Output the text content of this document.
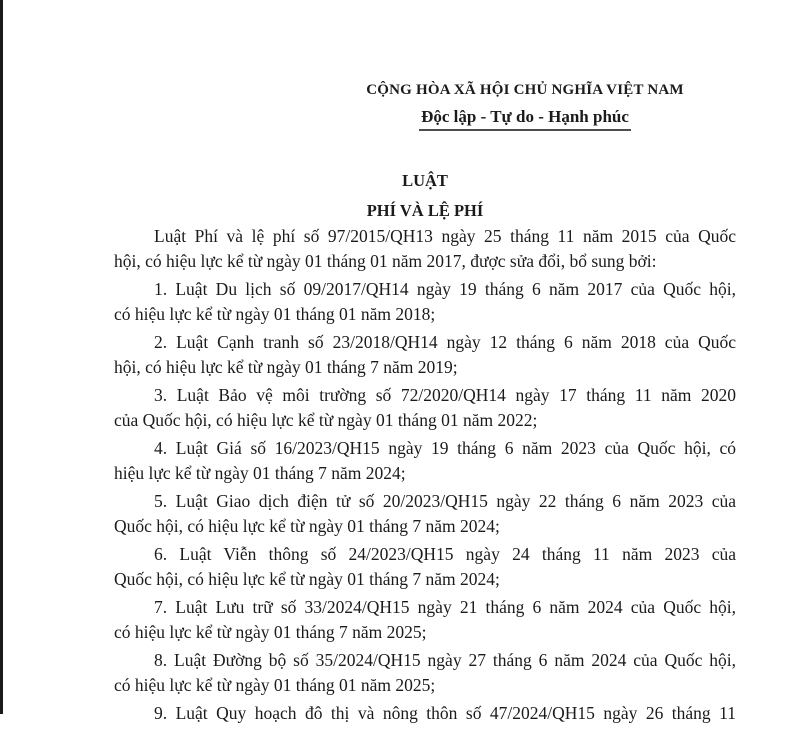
CỘNG HÒA XÃ HỘI CHỦ NGHĨA VIỆT NAM
Độc lập - Tự do - Hạnh phúc
LUẬT
PHÍ VÀ LỆ PHÍ
Luật Phí và lệ phí số 97/2015/QH13 ngày 25 tháng 11 năm 2015 của Quốc
hội, có hiệu lực kể từ ngày 01 tháng 01 năm 2017, được sửa đổi, bổ sung bởi:
1. Luật Du lịch số 09/2017/QH14 ngày 19 tháng 6 năm 2017 của Quốc hội,
có hiệu lực kể từ ngày 01 tháng 01 năm 2018;
2. Luật Cạnh tranh số 23/2018/QH14 ngày 12 tháng 6 năm 2018 của Quốc
hội, có hiệu lực kể từ ngày 01 tháng 7 năm 2019;
3. Luật Bảo vệ môi trường số 72/2020/QH14 ngày 17 tháng 11 năm 2020
của Quốc hội, có hiệu lực kể từ ngày 01 tháng 01 năm 2022;
4. Luật Giá số 16/2023/QH15 ngày 19 tháng 6 năm 2023 của Quốc hội, có
hiệu lực kể từ ngày 01 tháng 7 năm 2024;
5. Luật Giao dịch điện tử số 20/2023/QH15 ngày 22 tháng 6 năm 2023 của
Quốc hội, có hiệu lực kể từ ngày 01 tháng 7 năm 2024;
6. Luật Viễn thông số 24/2023/QH15 ngày 24 tháng 11 năm 2023 của
Quốc hội, có hiệu lực kể từ ngày 01 tháng 7 năm 2024;
7. Luật Lưu trữ số 33/2024/QH15 ngày 21 tháng 6 năm 2024 của Quốc hội,
có hiệu lực kể từ ngày 01 tháng 7 năm 2025;
8. Luật Đường bộ số 35/2024/QH15 ngày 27 tháng 6 năm 2024 của Quốc hội,
có hiệu lực kể từ ngày 01 tháng 01 năm 2025;
9. Luật Quy hoạch đô thị và nông thôn số 47/2024/QH15 ngày 26 tháng 11
